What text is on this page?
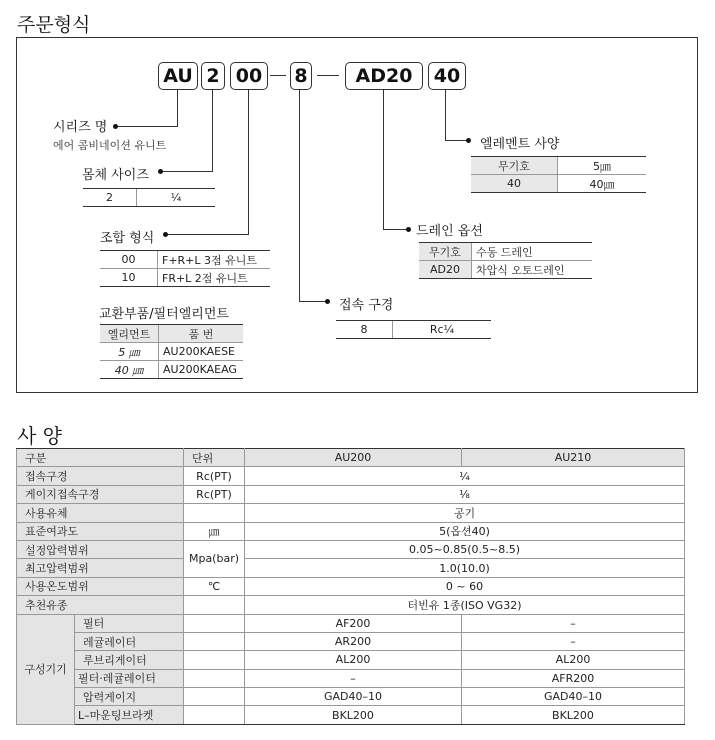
주문형식
AU 2 00	8	AD20	40
시리즈 명
에어 콤비네이션 유니트
몸체 사이즈
2	¼
조합 형식
00	F+R+L 3점 유니트
10	FR+L 2점 유니트
교환부품/필터엘리먼트
엘리먼트	품 번
5 ㎛	AU200KAESE
40 ㎛	AU200KAEAG
접속 구경
8	Rc¼
드레인 옵션
무기호	수동 드레인
AD20	차압식 오토드레인
엘레멘트 사양
무기호	5㎛
40	40㎛
사 양
구분		단위	AU200	AU210
접속구경		Rc(PT)	¼	
게이지접속구경		Rc(PT)	⅛	
사용유체			공기	
표준여과도		㎛	5(옵션40)	
설정압력범위		Mpa(bar)	0.05~0.85(0.5~8.5)	
최고압력범위			1.0(10.0)	
사용온도범위		℃	0 ~ 60	
추천유종			터빈유 1종(ISO VG32)	
구성기기	필터		AF200	–
	레귤레이터		AR200	–
	루브리게이터		AL200	AL200
	필터·레귤레이터		–	AFR200
	압력게이지		GAD40–10	GAD40–10
	L–마운팅브라켓		BKL200	BKL200
